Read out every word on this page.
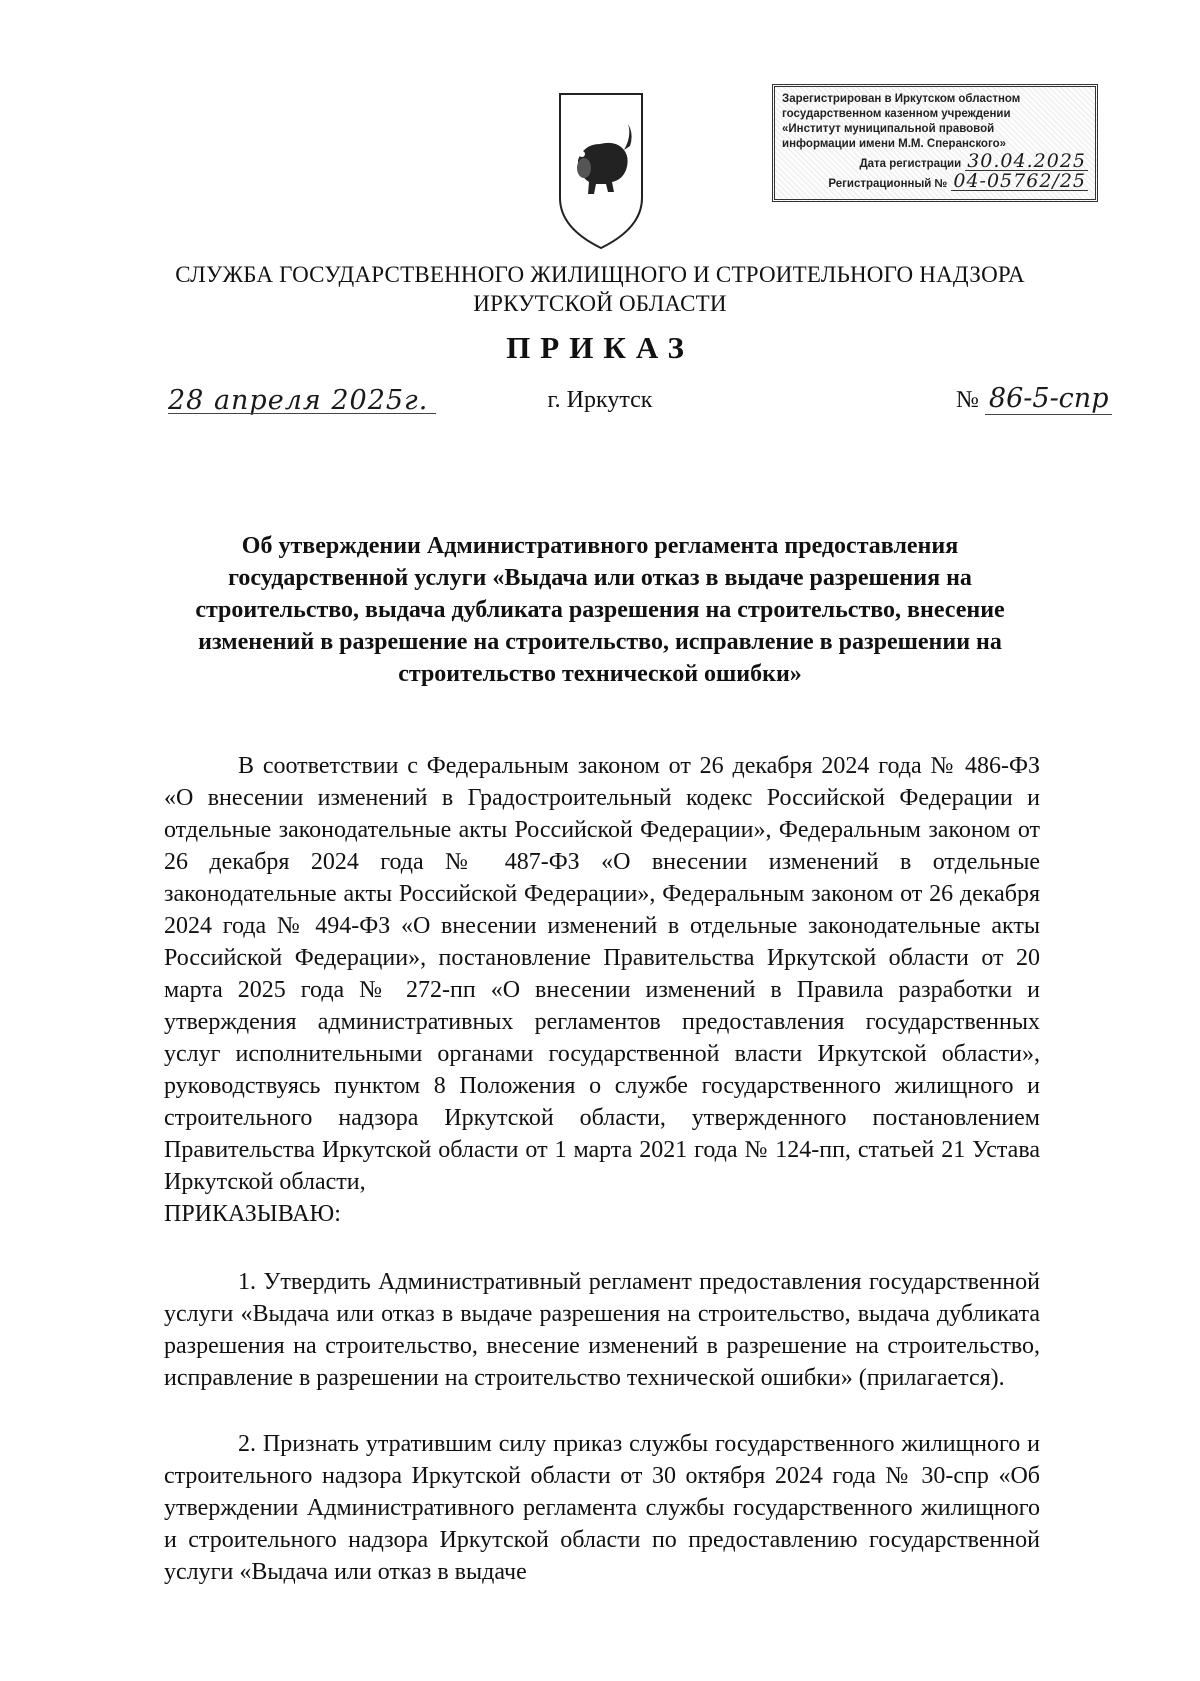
Зарегистрирован в Иркутском областном
государственном казенном учреждении
«Институт муниципальной правовой
информации имени М.М. Сперанского»
Дата регистрации 30.04.2025
Регистрационный № 04-05762/25
СЛУЖБА ГОСУДАРСТВЕННОГО ЖИЛИЩНОГО И СТРОИТЕЛЬНОГО НАДЗОРА
ИРКУТСКОЙ ОБЛАСТИ
ПРИКАЗ
28 апреля 2025г.	г. Иркутск	№ 86-5-спр
Об утверждении Административного регламента предоставления государственной услуги «Выдача или отказ в выдаче разрешения на строительство, выдача дубликата разрешения на строительство, внесение изменений в разрешение на строительство, исправление в разрешении на строительство технической ошибки»
В соответствии с Федеральным законом от 26 декабря 2024 года № 486-ФЗ «О внесении изменений в Градостроительный кодекс Российской Федерации и отдельные законодательные акты Российской Федерации», Федеральным законом от 26 декабря 2024 года № 487-ФЗ «О внесении изменений в отдельные законодательные акты Российской Федерации», Федеральным законом от 26 декабря 2024 года № 494-ФЗ «О внесении изменений в отдельные законодательные акты Российской Федерации», постановление Правительства Иркутской области от 20 марта 2025 года № 272-пп «О внесении изменений в Правила разработки и утверждения административных регламентов предоставления государственных услуг исполнительными органами государственной власти Иркутской области», руководствуясь пунктом 8 Положения о службе государственного жилищного и строительного надзора Иркутской области, утвержденного постановлением Правительства Иркутской области от 1 марта 2021 года № 124-пп, статьей 21 Устава Иркутской области,
ПРИКАЗЫВАЮ:
1. Утвердить Административный регламент предоставления государственной услуги «Выдача или отказ в выдаче разрешения на строительство, выдача дубликата разрешения на строительство, внесение изменений в разрешение на строительство, исправление в разрешении на строительство технической ошибки» (прилагается).
2. Признать утратившим силу приказ службы государственного жилищного и строительного надзора Иркутской области от 30 октября 2024 года № 30-спр «Об утверждении Административного регламента службы государственного жилищного и строительного надзора Иркутской области по предоставлению государственной услуги «Выдача или отказ в выдаче
